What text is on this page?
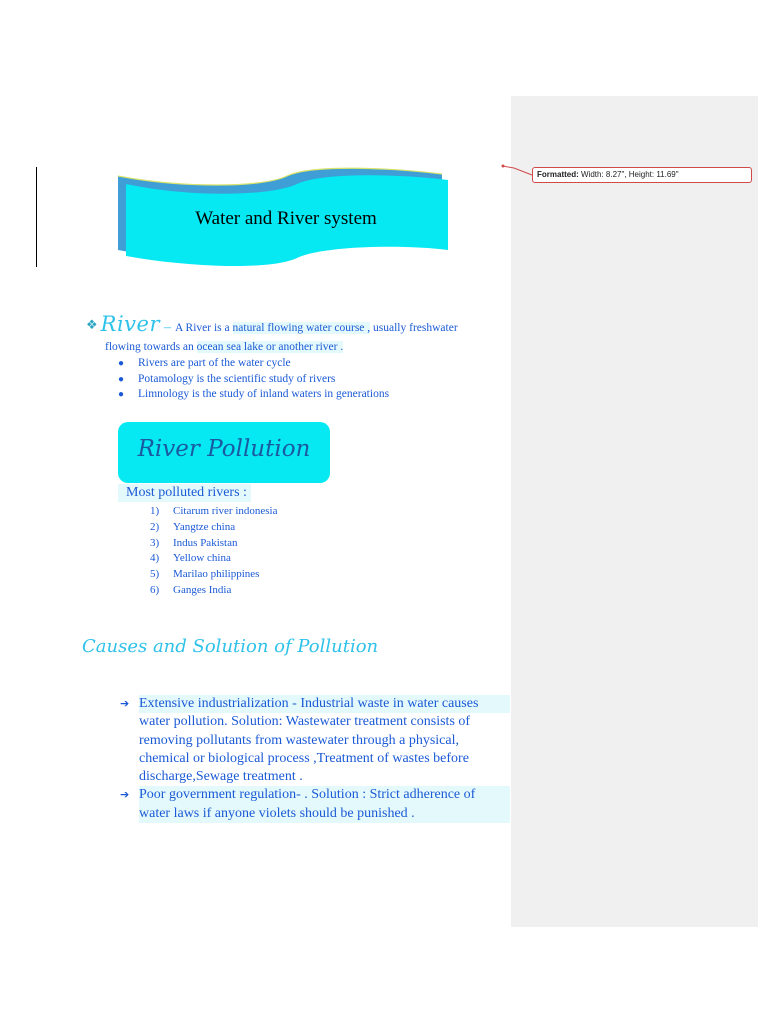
Formatted: Width: 8.27", Height: 11.69"
Water and River system
❖ River – A River is a natural flowing water course , usually freshwater
flowing towards an ocean sea lake or another river .
● Rivers are part of the water cycle
● Potamology is the scientific study of rivers
● Limnology is the study of inland waters in generations
River Pollution
Most polluted rivers :
1) Citarum river indonesia
2) Yangtze china
3) Indus Pakistan
4) Yellow china
5) Marilao philippines
6) Ganges India
Causes and Solution of Pollution
➔ Extensive industrialization - Industrial waste in water causes
water pollution. Solution: Wastewater treatment consists of
removing pollutants from wastewater through a physical,
chemical or biological process ,Treatment of wastes before
discharge,Sewage treatment .
➔ Poor government regulation- . Solution : Strict adherence of
water laws if anyone violets should be punished .
